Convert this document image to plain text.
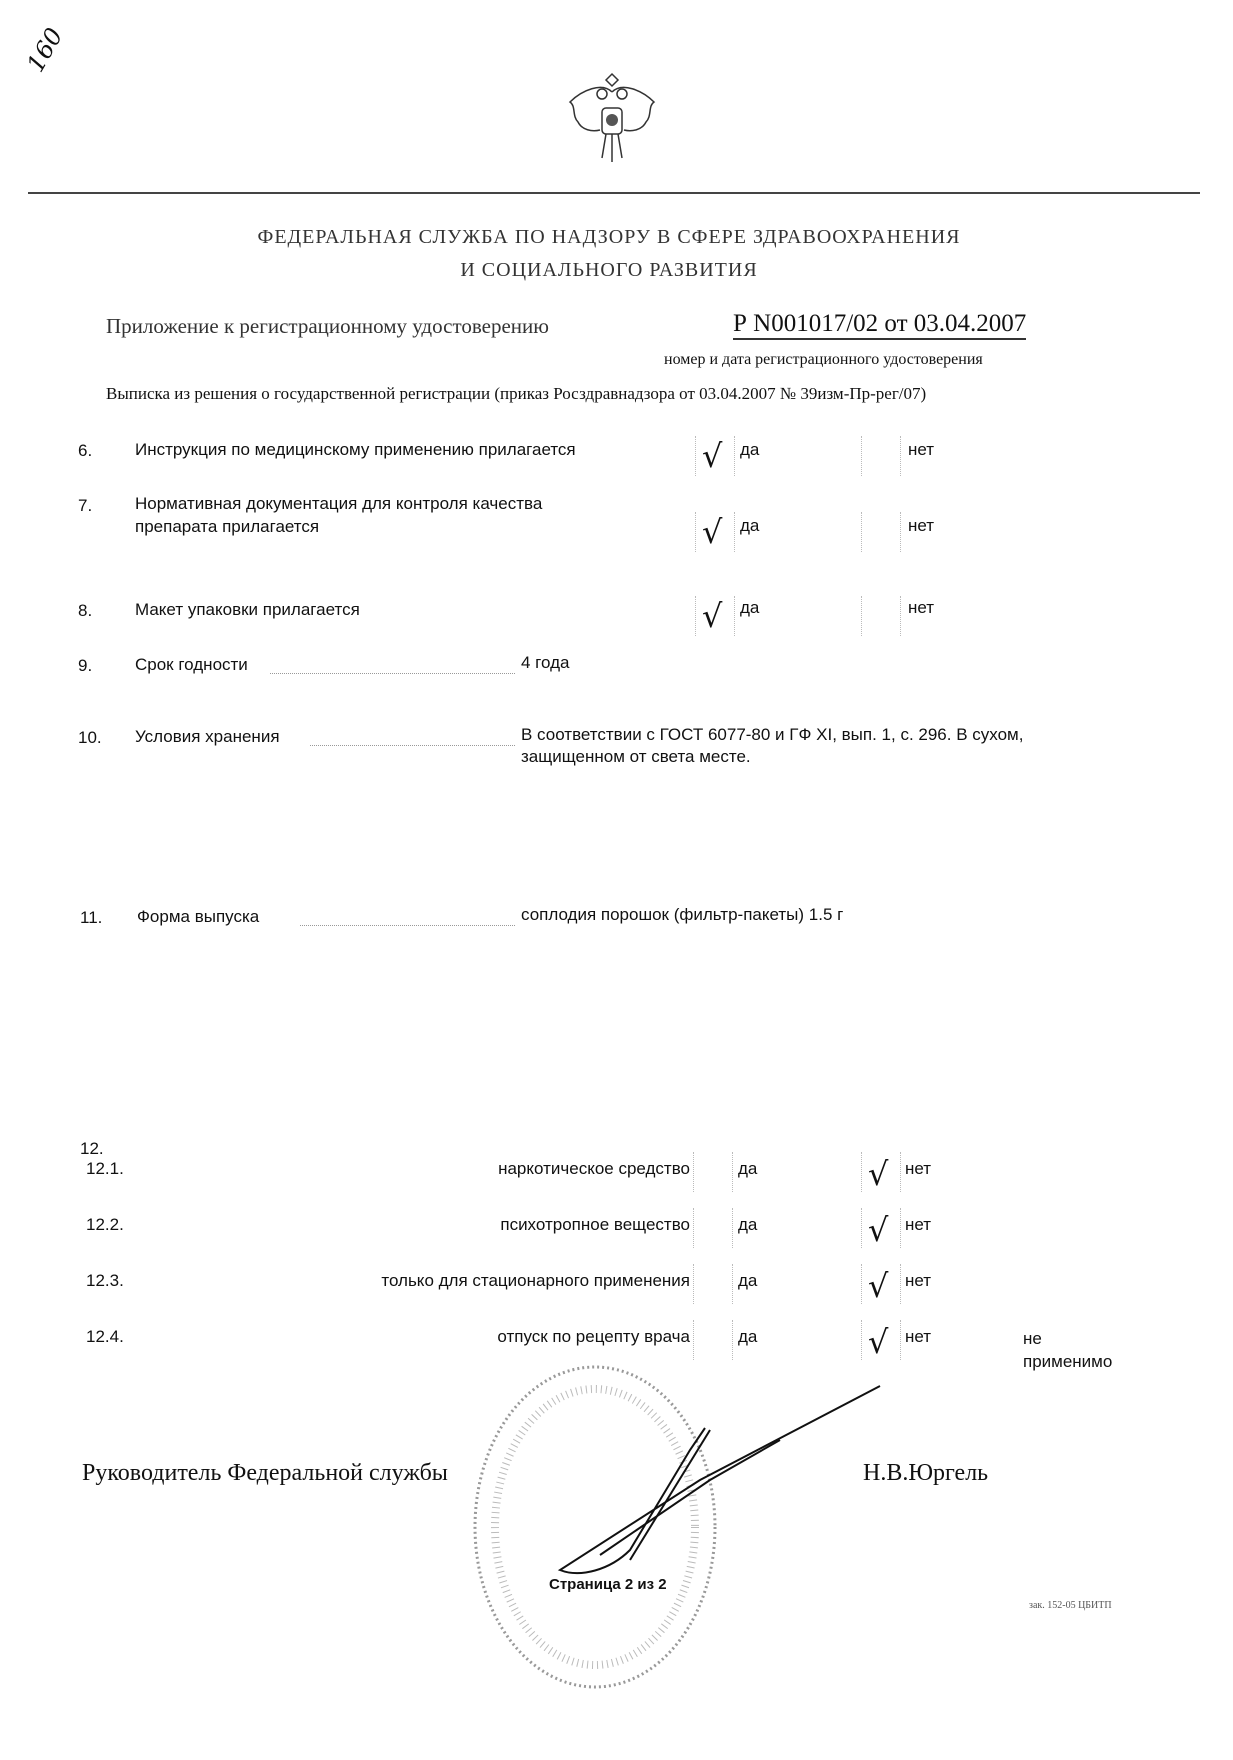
160
ФЕДЕРАЛЬНАЯ СЛУЖБА ПО НАДЗОРУ В СФЕРЕ ЗДРАВООХРАНЕНИЯ
И СОЦИАЛЬНОГО РАЗВИТИЯ
Приложение к регистрационному удостоверению	Р N001017/02 от 03.04.2007
номер и дата регистрационного удостоверения
Выписка из решения о государственной регистрации (приказ Росздравнадзора от 03.04.2007 № 39изм-Пр-рег/07)
6.	Инструкция по медицинскому применению прилагается	√ да	нет
7.	Нормативная документация для контроля качества
препарата прилагается	√ да	нет
8.	Макет упаковки прилагается	√ да	нет
9.	Срок годности	4 года
10. Условия хранения	В соответствии с ГОСТ 6077-80 и ГФ XI, вып. 1, с. 296. В сухом,
защищенном от света месте.
11. Форма выпуска	соплодия порошок (фильтр-пакеты) 1.5 г
12.
12.1.	наркотическое средство	да	√ нет
12.2.	психотропное вещество	да	√ нет
12.3.	только для стационарного применения	да	√ нет
12.4.	отпуск по рецепту врача	да	√ нет	не
применимо
Руководитель Федеральной службы	Н.В.Юргель
Страница 2 из 2
зак. 152-05 ЦБИТП
